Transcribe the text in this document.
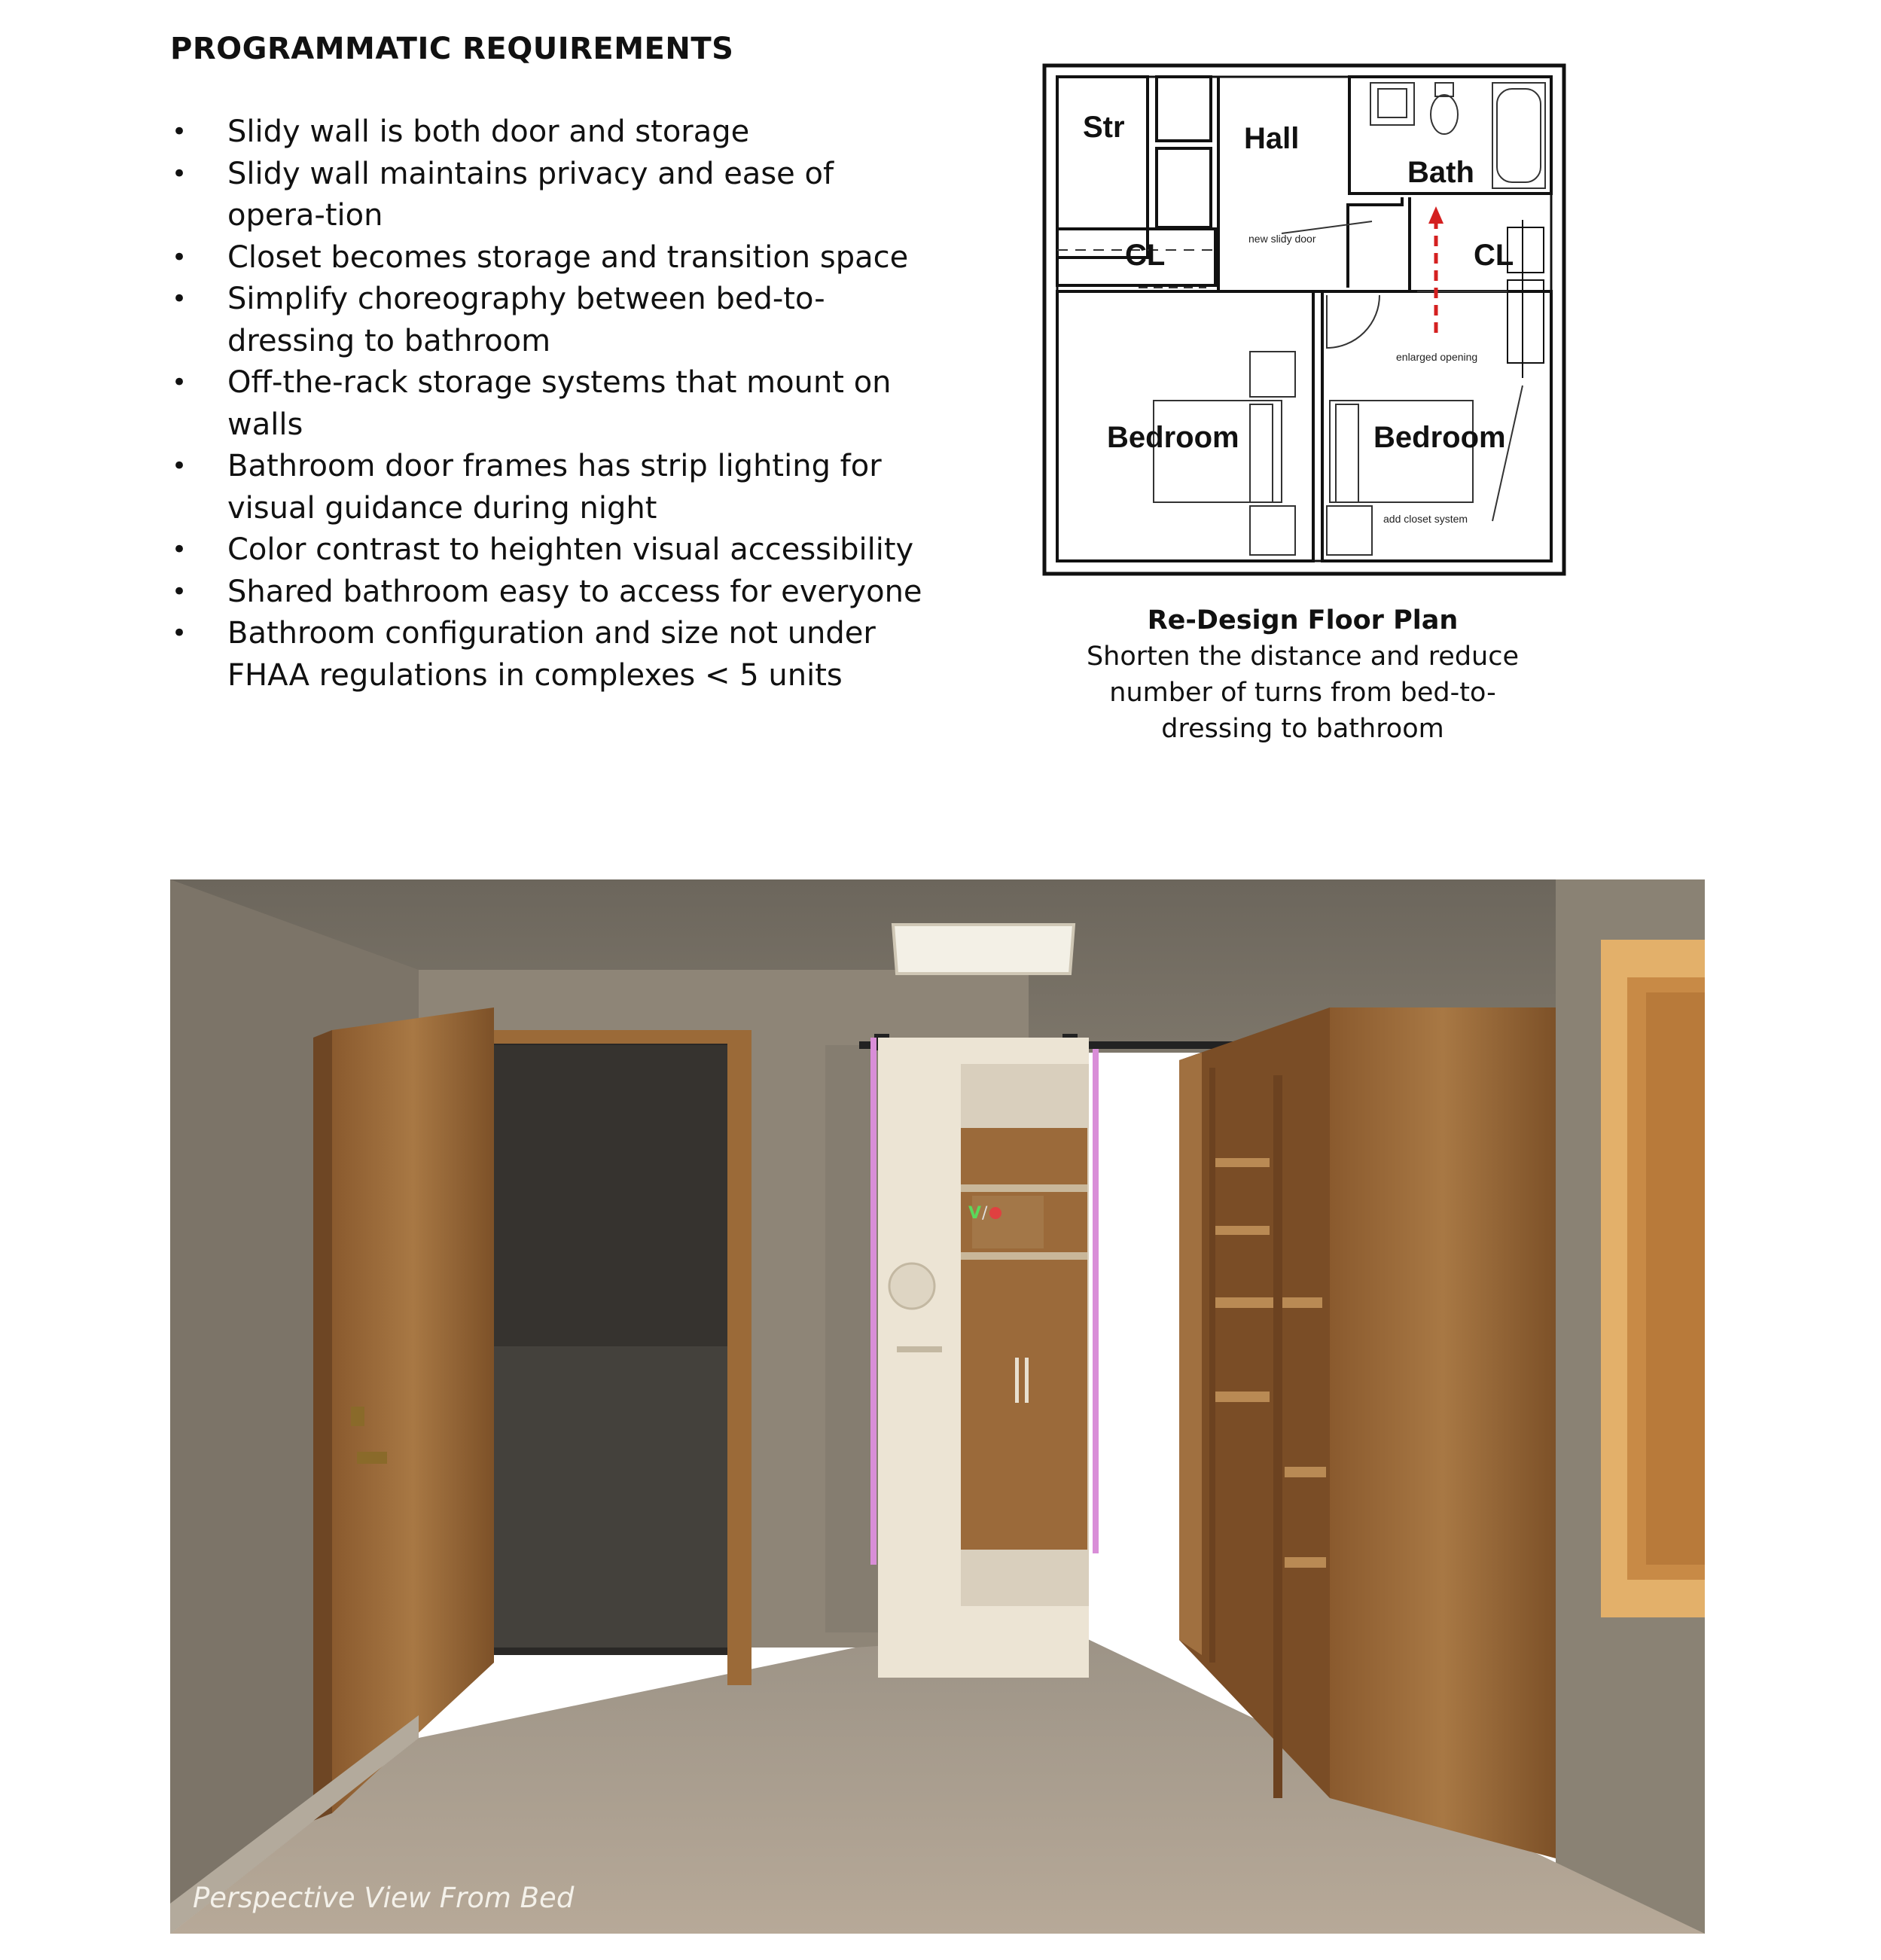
PROGRAMMATIC REQUIREMENTS
• Slidy wall is both door and storage
• Slidy wall maintains privacy and ease of opera-tion
• Closet becomes storage and transition space
• Simplify choreography between bed-to-dressing to bathroom
• Off-the-rack storage systems that mount on walls
• Bathroom door frames has strip lighting for visual guidance during night
• Color contrast to heighten visual accessibility
• Shared bathroom easy to access for everyone
• Bathroom configuration and size not under FHAA regulations in complexes < 5 units
Str	Hall
Bath
CL	CL
Bedroom	Bedroom
new slidy door
enlarged opening
add closet system
Re-Design Floor Plan
Shorten the distance and reduce number of turns from bed-to-dressing to bathroom
V /
Perspective View From Bed
